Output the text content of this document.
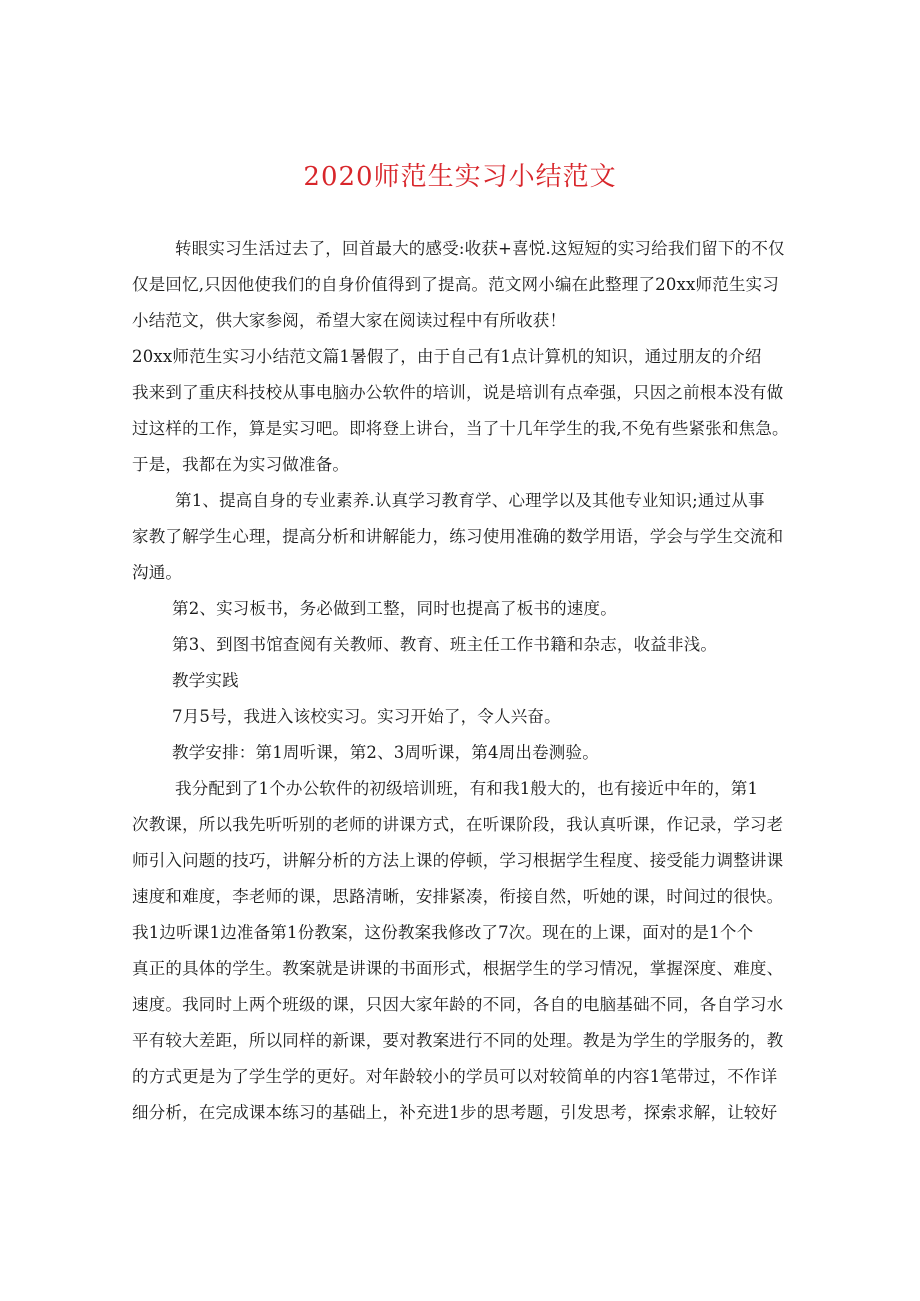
2020师范生实习小结范文
转眼实习生活过去了，回首最大的感受:收获+喜悦.这短短的实习给我们留下的不仅
仅是回忆,只因他使我们的自身价值得到了提高。范文网小编在此整理了20xx师范生实习
小结范文，供大家参阅，希望大家在阅读过程中有所收获！
20xx师范生实习小结范文篇1暑假了，由于自己有1点计算机的知识，通过朋友的介绍
我来到了重庆科技校从事电脑办公软件的培训，说是培训有点牵强，只因之前根本没有做
过这样的工作，算是实习吧。即将登上讲台，当了十几年学生的我,不免有些紧张和焦急。
于是，我都在为实习做准备。
第1、提高自身的专业素养.认真学习教育学、心理学以及其他专业知识;通过从事
家教了解学生心理，提高分析和讲解能力，练习使用准确的数学用语，学会与学生交流和
沟通。
第2、实习板书，务必做到工整，同时也提高了板书的速度。
第3、到图书馆查阅有关教师、教育、班主任工作书籍和杂志，收益非浅。
教学实践
7月5号，我进入该校实习。实习开始了，令人兴奋。
教学安排：第1周听课，第2、3周听课，第4周出卷测验。
我分配到了1个办公软件的初级培训班，有和我1般大的，也有接近中年的，第1
次教课，所以我先听听别的老师的讲课方式，在听课阶段，我认真听课，作记录，学习老
师引入问题的技巧，讲解分析的方法上课的停顿，学习根据学生程度、接受能力调整讲课
速度和难度，李老师的课，思路清晰，安排紧凑，衔接自然，听她的课，时间过的很快。
我1边听课1边准备第1份教案，这份教案我修改了7次。现在的上课，面对的是1个个
真正的具体的学生。教案就是讲课的书面形式，根据学生的学习情况，掌握深度、难度、
速度。我同时上两个班级的课，只因大家年龄的不同，各自的电脑基础不同，各自学习水
平有较大差距，所以同样的新课，要对教案进行不同的处理。教是为学生的学服务的，教
的方式更是为了学生学的更好。对年龄较小的学员可以对较简单的内容1笔带过，不作详
细分析，在完成课本练习的基础上，补充进1步的思考题，引发思考，探索求解，让较好
